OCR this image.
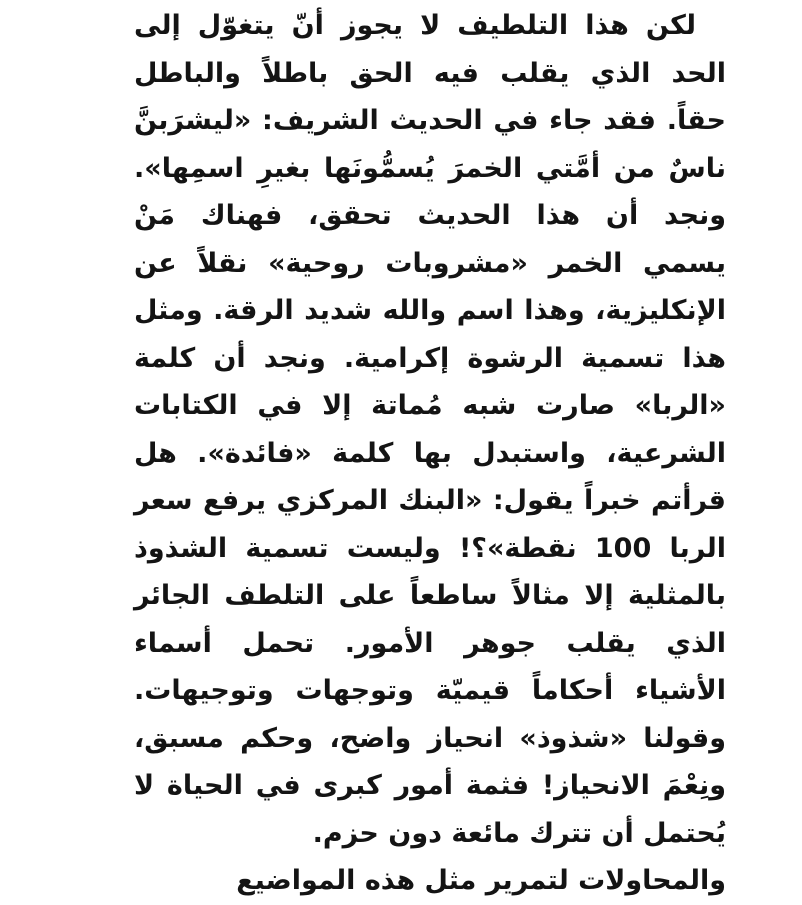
لكن هذا التلطيف لا يجوز أنّ يتغوّل إلى
الحد الذي يقلب فيه الحق باطلاً والباطل
حقاً. فقد جاء في الحديث الشريف: «ليشرَبنَّ
ناسٌ من أمَّتي الخمرَ يُسمُّونَها بغيرِ اسمِها».
ونجد أن هذا الحديث تحقق، فهناك مَنْ
يسمي الخمر «مشروبات روحية» نقلاً عن
الإنكليزية، وهذا اسم والله شديد الرقة. ومثل
هذا تسمية الرشوة إكرامية. ونجد أن كلمة
«الربا» صارت شبه مُماتة إلا في الكتابات
الشرعية، واستبدل بها كلمة «فائدة». هل
قرأتم خبراً يقول: «البنك المركزي يرفع سعر
الربا 100 نقطة»؟! وليست تسمية الشذوذ
بالمثلية إلا مثالاً ساطعاً على التلطف الجائر
الذي يقلب جوهر الأمور. تحمل أسماء
الأشياء أحكاماً قيميّة وتوجهات وتوجيهات.
وقولنا «شذوذ» انحياز واضح، وحكم مسبق،
ونِعْمَ الانحياز! فثمة أمور كبرى في الحياة لا
يُحتمل أن تترك مائعة دون حزم.
والمحاولات لتمرير مثل هذه المواضيع
